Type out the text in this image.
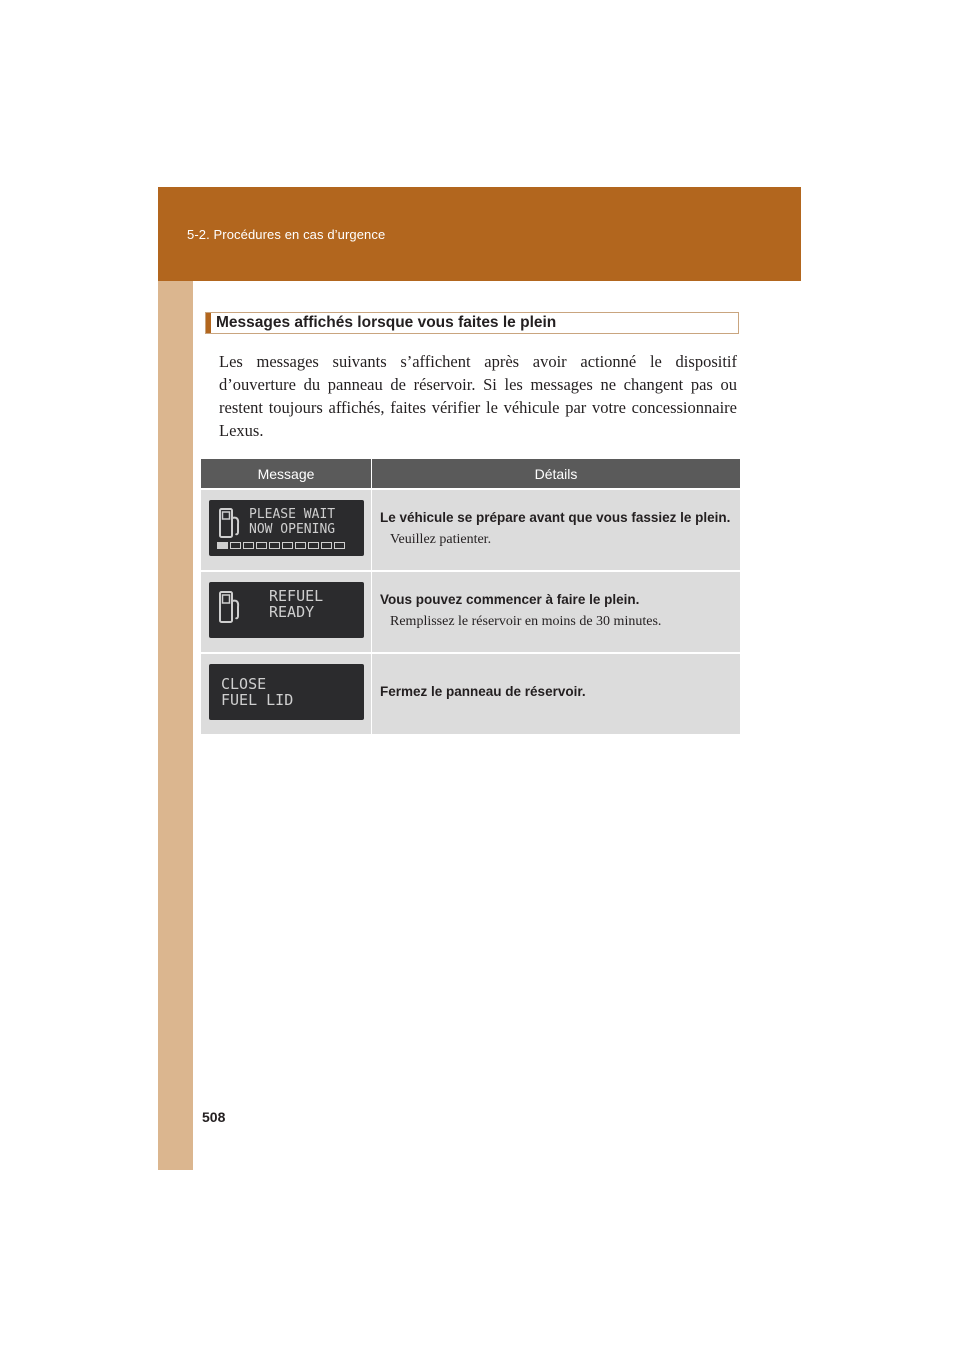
5-2. Procédures en cas d’urgence
508
Messages affichés lorsque vous faites le plein

Les messages suivants s’affichent après avoir actionné le dispositif d’ouverture du panneau de réservoir. Si les messages ne changent pas ou restent toujours affichés, faites vérifier le véhicule par votre concessionnaire Lexus.

Message	Détails
PLEASE WAIT
NOW OPENING
Le véhicule se prépare avant que vous fassiez le plein.
Veuillez patienter.
REFUEL
READY
Vous pouvez commencer à faire le plein.
Remplissez le réservoir en moins de 30 minutes.
CLOSE
FUEL LID	Fermez le panneau de réservoir.
